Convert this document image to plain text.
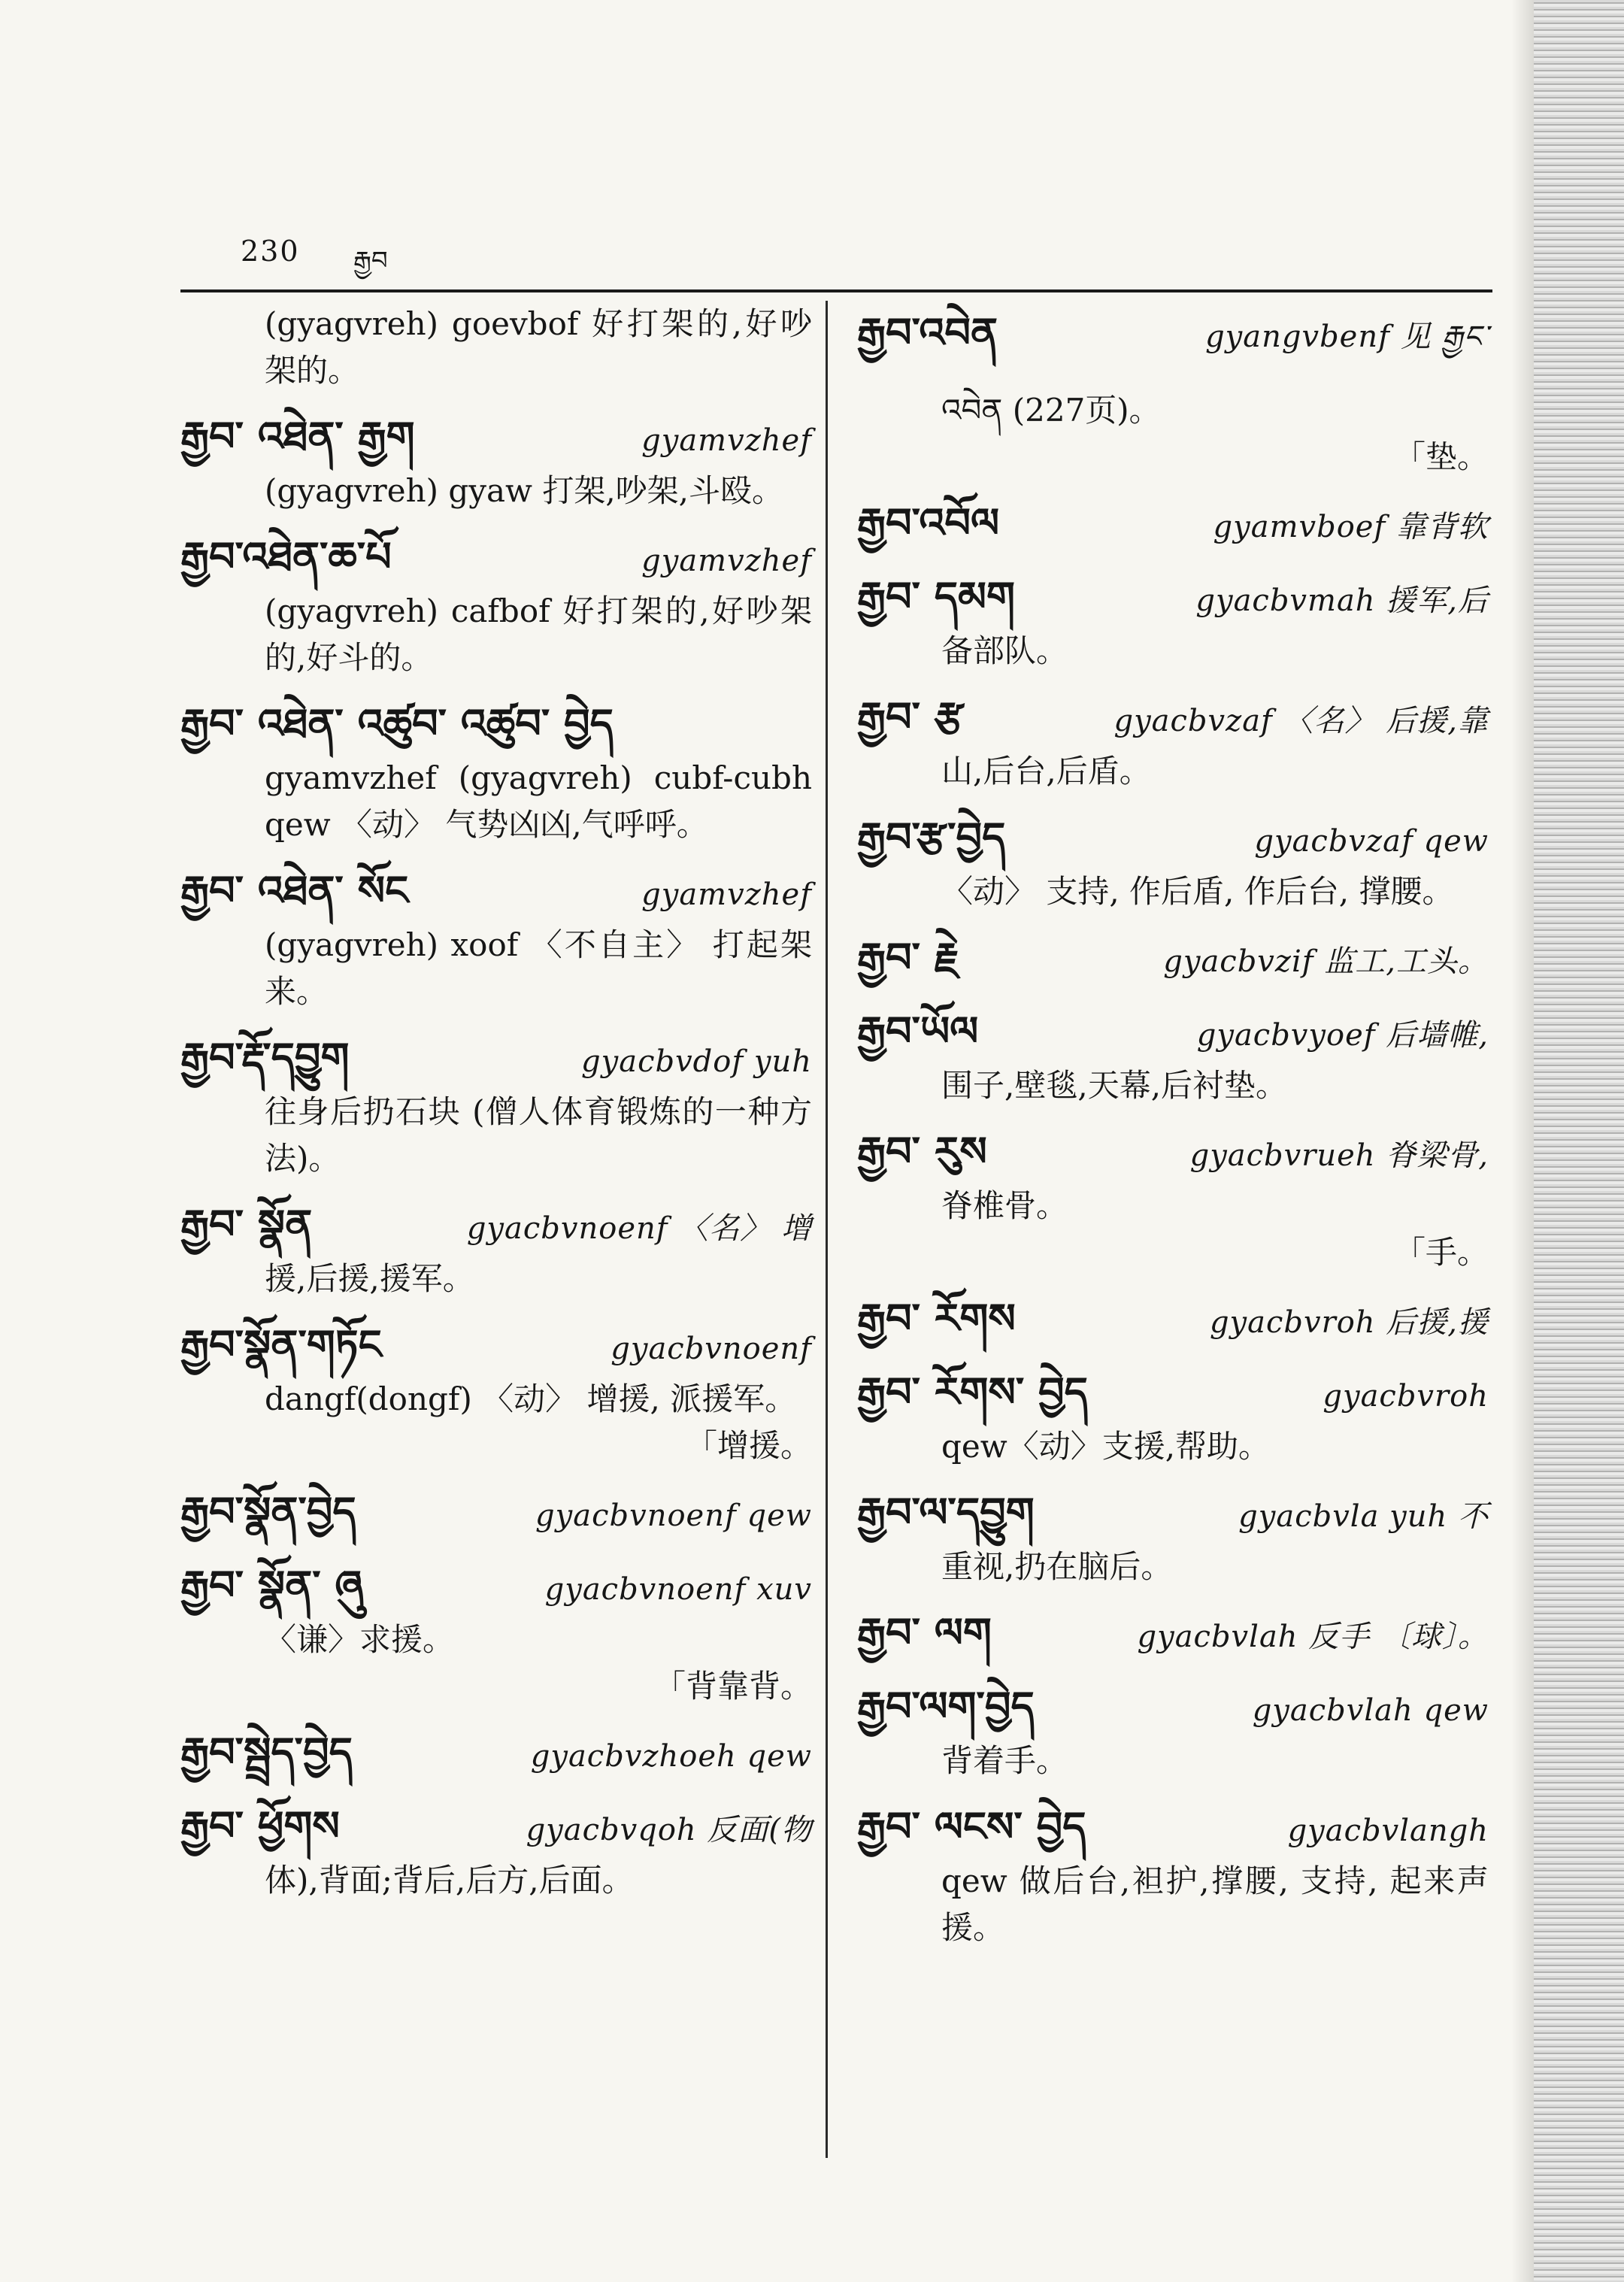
230 རྒྱབ
(gyagvreh) goevbof 好打架的,好吵架的。
རྒྱབ་ འཐེན་ རྒྱག	gyamvzhef
(gyagvreh) gyaw 打架,吵架,斗殴。
རྒྱབ་འཐེན་ཆ་པོ	gyamvzhef
(gyagvreh) cafbof 好打架的,好吵架的,好斗的。
རྒྱབ་ འཐེན་ འཚུབ་ འཚུབ་ བྱེད
gyamvzhef (gyagvreh) cubf-cubh qew 〈动〉 气势凶凶,气呼呼。
རྒྱབ་ འཐེན་ སོང	gyamvzhef
(gyagvreh) xoof 〈不自主〉 打起架来。
རྒྱབ་རྡོ་དབྱུག	gyacbvdof yuh
往身后扔石块 (僧人体育锻炼的一种方法)。
རྒྱབ་ སྣོན	gyacbvnoenf 〈名〉 增
援,后援,援军。
རྒྱབ་སྣོན་གཏོང	gyacbvnoenf
dangf(dongf) 〈动〉 增援, 派援军。
「增援。
རྒྱབ་སྣོན་བྱེད	gyacbvnoenf qew
རྒྱབ་ སྣོན་ ཞུ	gyacbvnoenf xuv
〈谦〉求援。
「背靠背。
རྒྱབ་སྦྲེད་བྱེད	gyacbvzhoeh qew
རྒྱབ་ ཕྱོགས	gyacbvqoh 反面(物
体),背面;背后,后方,后面。
རྒྱབ་འབེན	gyangvbenf 见 རྒྱང་
འབེན (227页)。
「垫。
རྒྱབ་འབོལ	gyamvboef 靠背软
རྒྱབ་ དམག	gyacbvmah 援军,后
备部队。
རྒྱབ་ རྩ	gyacbvzaf 〈名〉 后援,靠
山,后台,后盾。
རྒྱབ་རྩ་བྱེད	gyacbvzaf qew
〈动〉 支持, 作后盾, 作后台, 撑腰。
རྒྱབ་ རྗེ	gyacbvzif 监工,工头。
རྒྱབ་ཡོལ	gyacbvyoef 后墙帷,
围子,壁毯,天幕,后衬垫。
རྒྱབ་ རུས	gyacbvrueh 脊梁骨,
脊椎骨。
「手。
རྒྱབ་ རོགས	gyacbvroh 后援,援
རྒྱབ་ རོགས་ བྱེད	gyacbvroh
qew〈动〉支援,帮助。
རྒྱབ་ལ་དབྱུག	gyacbvla yuh 不
重视,扔在脑后。
རྒྱབ་ ལག	gyacbvlah 反手 〔球〕。
རྒྱབ་ལག་བྱེད	gyacbvlah qew
背着手。
རྒྱབ་ ལངས་ བྱེད	gyacbvlangh
qew 做后台,袒护,撑腰, 支持, 起来声援。
